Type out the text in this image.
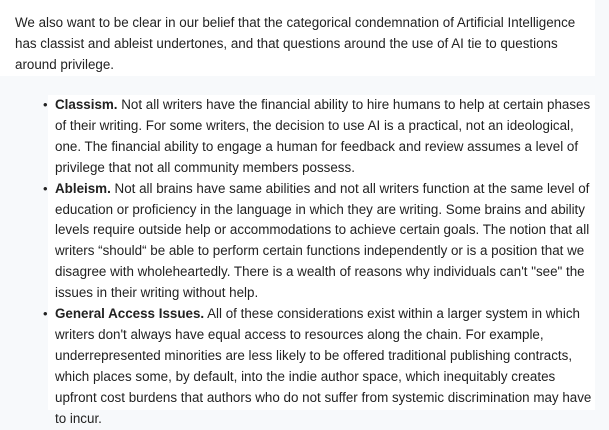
We also want to be clear in our belief that the categorical condemnation of Artificial Intelligence has classist and ableist undertones, and that questions around the use of AI tie to questions around privilege.

• Classism. Not all writers have the financial ability to hire humans to help at certain phases of their writing. For some writers, the decision to use AI is a practical, not an ideological, one. The financial ability to engage a human for feedback and review assumes a level of privilege that not all community members possess.
• Ableism. Not all brains have same abilities and not all writers function at the same level of education or proficiency in the language in which they are writing. Some brains and ability levels require outside help or accommodations to achieve certain goals. The notion that all writers “should“ be able to perform certain functions independently or is a position that we disagree with wholeheartedly. There is a wealth of reasons why individuals can't "see" the issues in their writing without help.
• General Access Issues. All of these considerations exist within a larger system in which writers don't always have equal access to resources along the chain. For example, underrepresented minorities are less likely to be offered traditional publishing contracts, which places some, by default, into the indie author space, which inequitably creates upfront cost burdens that authors who do not suffer from systemic discrimination may have to incur.
